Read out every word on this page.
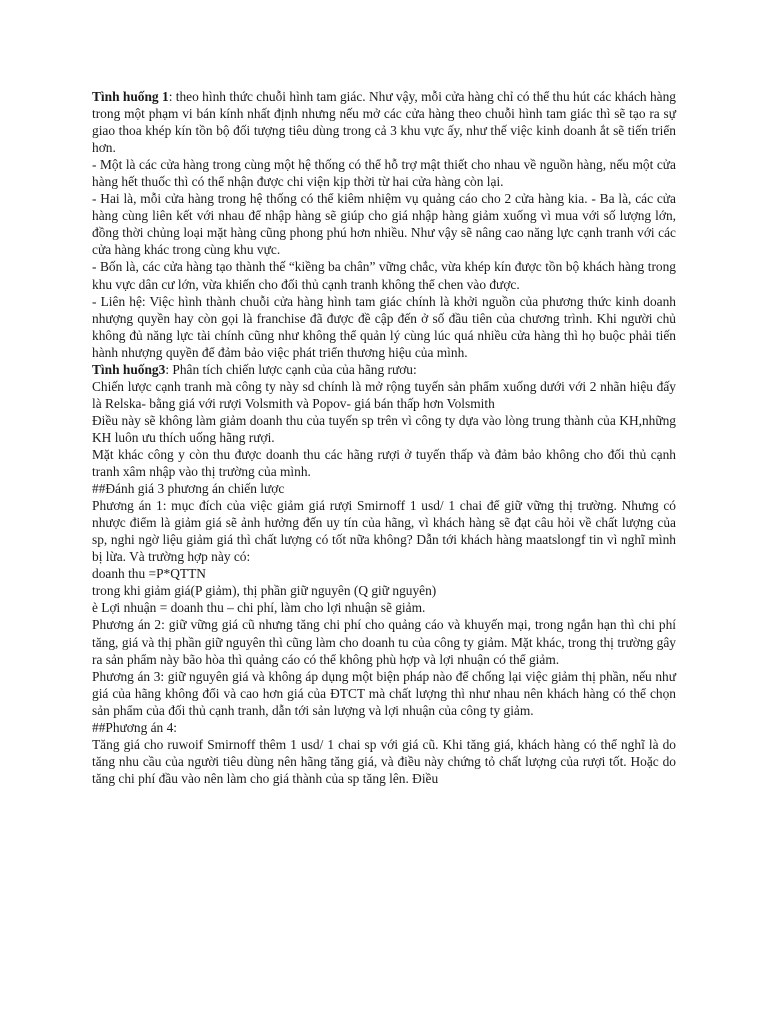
Tình huống 1: theo hình thức chuỗi hình tam giác. Như vậy, mỗi cửa hàng chỉ có thể thu hút các khách hàng trong một phạm vi bán kính nhất định nhưng nếu mở các cửa hàng theo chuỗi hình tam giác thì sẽ tạo ra sự giao thoa khép kín tồn bộ đối tượng tiêu dùng trong cả 3 khu vực ấy, như thế việc kinh doanh ắt sẽ tiến triển hơn.

- Một là các cửa hàng trong cùng một hệ thống có thể hỗ trợ mật thiết cho nhau về nguồn hàng, nếu một cửa hàng hết thuốc thì có thể nhận được chi viện kịp thời từ hai cửa hàng còn lại.

- Hai là, mỗi cửa hàng trong hệ thống có thể kiêm nhiệm vụ quảng cáo cho 2 cửa hàng kia. - Ba là, các cửa hàng cùng liên kết với nhau để nhập hàng sẽ giúp cho giá nhập hàng giảm xuống vì mua với số lượng lớn, đồng thời chủng loại mặt hàng cũng phong phú hơn nhiều. Như vậy sẽ nâng cao năng lực cạnh tranh với các cửa hàng khác trong cùng khu vực.

- Bốn là, các cửa hàng tạo thành thế “kiềng ba chân” vững chắc, vừa khép kín được tồn bộ khách hàng trong khu vực dân cư lớn, vừa khiến cho đối thủ cạnh tranh không thể chen vào được.

- Liên hệ: Việc hình thành chuỗi cửa hàng hình tam giác chính là khởi nguồn của phương thức kinh doanh nhượng quyền hay còn gọi là franchise đã được đề cập đến ở số đầu tiên của chương trình. Khi người chủ không đủ năng lực tài chính cũng như không thể quản lý cùng lúc quá nhiều cửa hàng thì họ buộc phải tiến hành nhượng quyền để đảm bảo việc phát triển thương hiệu của mình.

Tình huống3: Phân tích chiến lược cạnh của của hãng rươu:

Chiến lược cạnh tranh mà công ty này sd chính là mở rộng tuyến sản phẩm xuống dưới với 2 nhãn hiệu đấy là Relska- bằng giá với rượi Volsmith và Popov- giá bán thấp hơn Volsmith

Điều này sẽ không làm giảm doanh thu của tuyến sp trên vì công ty dựa vào lòng trung thành của KH,những KH luôn ưu thích uống hãng rượi.

Mặt khác công y còn thu được doanh thu các hãng rượi ở tuyến thấp và đảm bảo không cho đối thủ cạnh tranh xâm nhập vào thị trường của mình.

##Đánh giá 3 phương án chiến lược

Phương án 1: mục đích của việc giảm giá rượi Smirnoff 1 usd/ 1 chai để giữ vững thị trường. Nhưng có nhược điểm là giảm giá sẽ ảnh hưởng đến uy tín của hãng, vì khách hàng sẽ đạt câu hỏi về chất lượng của sp, nghi ngờ liệu giảm giá thì chất lượng có tốt nữa không? Dẫn tới khách hàng maatslongf tin vì nghĩ mình bị lừa. Và trường hợp này có:

doanh thu =P*QTTN

trong khi giảm giá(P giảm), thị phần giữ nguyên (Q giữ nguyên)

è Lợi nhuận = doanh thu – chi phí, làm cho lợi nhuận sẽ giảm.

Phương án 2: giữ vững giá cũ nhưng tăng chi phí cho quảng cáo và khuyến mại, trong ngắn hạn thì chi phí tăng, giá và thị phần giữ nguyên thì cũng làm cho doanh tu của công ty giảm. Mặt khác, trong thị trường gây ra sản phẩm này bão hòa thì quảng cáo có thể không phù hợp và lợi nhuận có thể giảm.

Phương án 3: giữ nguyên giá và không áp dụng một biện pháp nào để chống lại việc giảm thị phần, nếu như giá của hãng không đổi và cao hơn giá của ĐTCT mà chất lượng thì như nhau nên khách hàng có thể chọn sản phẩm của đối thủ cạnh tranh, dẫn tới sản lượng và lợi nhuận của công ty giảm.

##Phương án 4:

Tăng giá cho ruwoif Smirnoff thêm 1 usd/ 1 chai sp với giá cũ. Khi tăng giá, khách hàng có thể nghĩ là do tăng nhu cầu của người tiêu dùng nên hãng tăng giá, và điều này chứng tỏ chất lượng của rượi tốt. Hoặc do tăng chi phí đầu vào nên làm cho giá thành của sp tăng lên. Điều
